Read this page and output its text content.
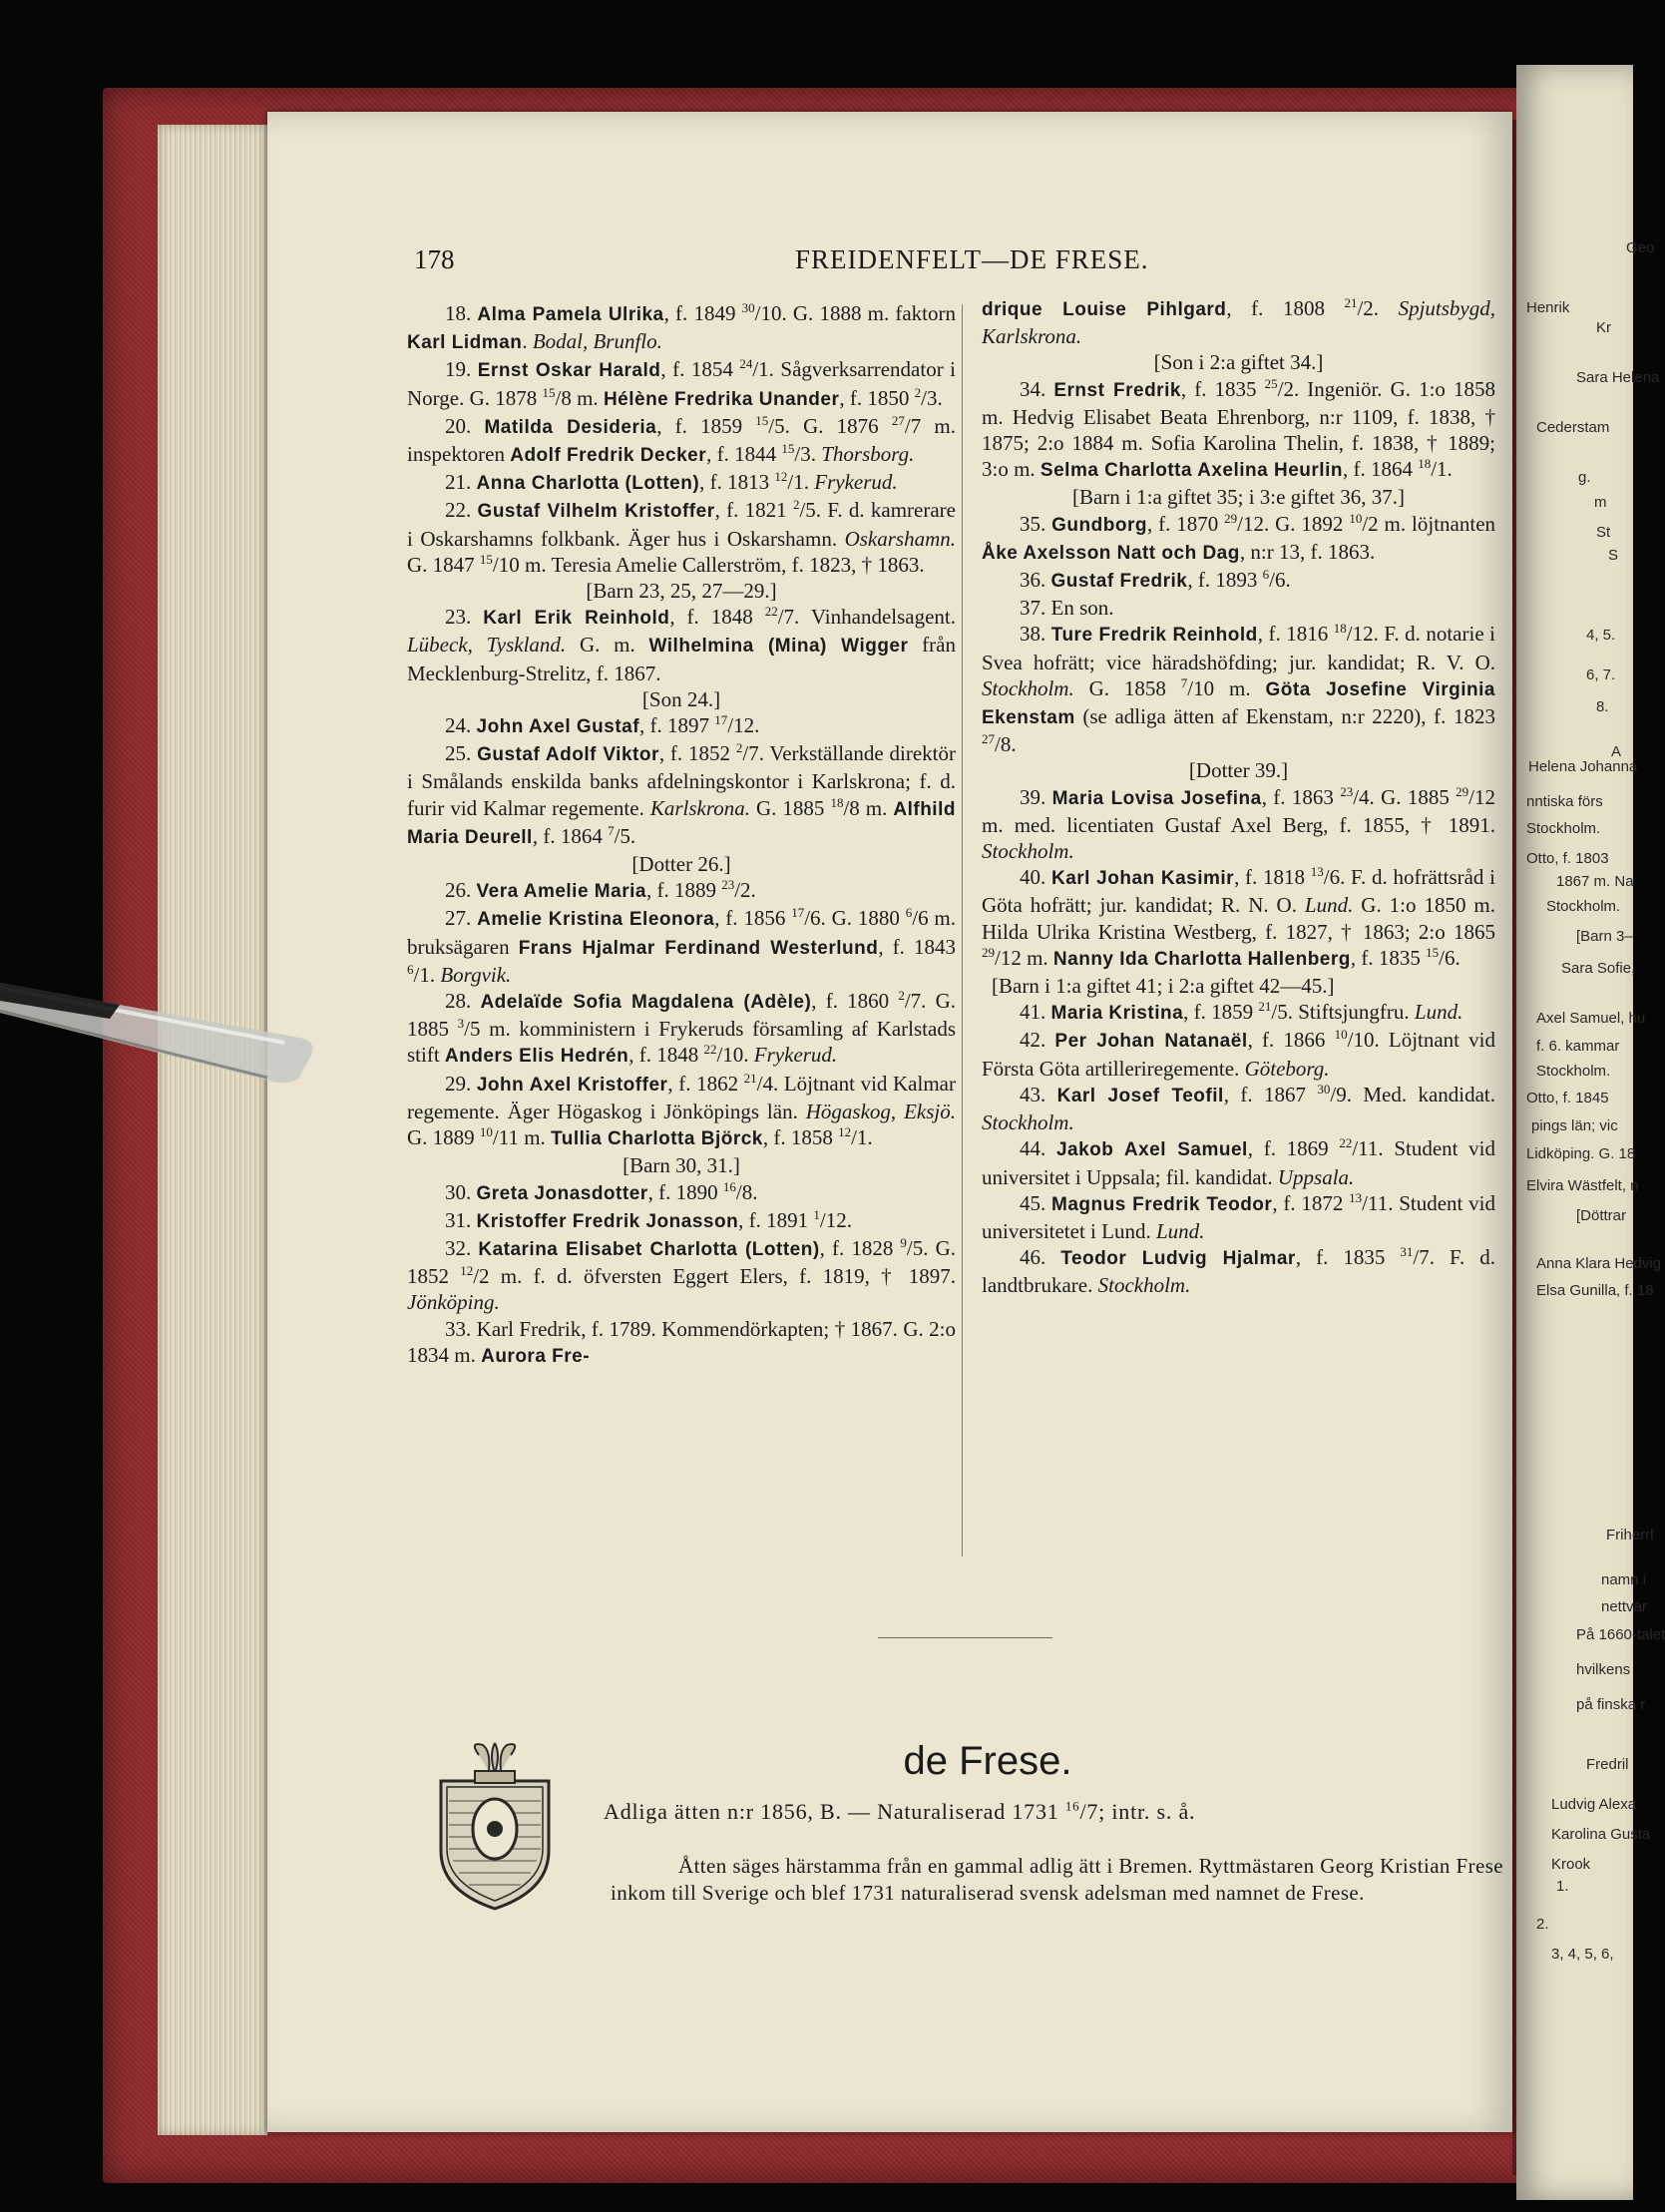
Geo
Henrik
Kr
Sara Helena
Cederstam
g.
m
St
S
4, 5.
6, 7.
8.
Helena Johanna
A
nntiska förs
Stockholm.
Otto, f. 1803
1867 m. Na
Stockholm.
[Barn 3–
Sara Sofie,
Axel Samuel, hu
f. 6. kammar
Stockholm.
Otto, f. 1845
pings län; vic
Lidköping. G. 18
Elvira Wästfelt, n
[Döttrar
Anna Klara Hedvig
Elsa Gunilla, f. 18
Friherrl
namn i
nettvär
På 1660-talet
hvilkens
på finska r
Fredril
Ludvig Alexa
Karolina Gusta
Krook
1.
2.
3, 4, 5, 6,
178	FREIDENFELT—DE FRESE.

18. Alma Pamela Ulrika, f. 1849 $^{30}$/10. G. 1888 m. faktorn Karl Lidman. Bodal, Brunflo.

19. Ernst Oskar Harald, f. 1854 $^{24}$/1. Sågverksarrendator i Norge. G. 1878 $^{15}$/8 m. Hélène Fredrika Unander, f. 1850 $^2$/3.

20. Matilda Desideria, f. 1859 $^{15}$/5. G. 1876 $^{27}$/7 m. inspektoren Adolf Fredrik Decker, f. 1844 $^{15}$/3. Thorsborg.

21. Anna Charlotta (Lotten), f. 1813 $^{12}$/1. Frykerud.

22. Gustaf Vilhelm Kristoffer, f. 1821 $^2$/5. F. d. kamrerare i Oskarshamns folkbank. Äger hus i Oskarshamn. Oskarshamn. G. 1847 $^{15}$/10 m. Teresia Amelie Callerström, f. 1823, † 1863.

[Barn 23, 25, 27—29.]

23. Karl Erik Reinhold, f. 1848 $^{22}$/7. Vinhandelsagent. Lübeck, Tyskland. G. m. Wilhelmina (Mina) Wigger från Mecklenburg-Strelitz, f. 1867.

[Son 24.]

24. John Axel Gustaf, f. 1897 $^{17}$/12.

25. Gustaf Adolf Viktor, f. 1852 $^2$/7. Verkställande direktör i Smålands enskilda banks afdelningskontor i Karlskrona; f. d. furir vid Kalmar regemente. Karlskrona. G. 1885 $^{18}$/8 m. Alfhild Maria Deurell, f. 1864 $^7$/5.

[Dotter 26.]

26. Vera Amelie Maria, f. 1889 $^{23}$/2.

27. Amelie Kristina Eleonora, f. 1856 $^{17}$/6. G. 1880 $^6$/6 m. bruksägaren Frans Hjalmar Ferdinand Westerlund, f. 1843 $^6$/1. Borgvik.

28. Adelaïde Sofia Magdalena (Adèle), f. 1860 $^2$/7. G. 1885 $^3$/5 m. komministern i Frykeruds församling af Karlstads stift Anders Elis Hedrén, f. 1848 $^{22}$/10. Frykerud.

29. John Axel Kristoffer, f. 1862 $^{21}$/4. Löjtnant vid Kalmar regemente. Äger Högaskog i Jönköpings län. Högaskog, Eksjö. G. 1889 $^{10}$/11 m. Tullia Charlotta Björck, f. 1858 $^{12}$/1.

[Barn 30, 31.]

30. Greta Jonasdotter, f. 1890 $^{16}$/8.

31. Kristoffer Fredrik Jonasson, f. 1891 $^1$/12.

32. Katarina Elisabet Charlotta (Lotten), f. 1828 $^9$/5. G. 1852 $^{12}$/2 m. f. d. öfversten Eggert Elers, f. 1819, † 1897. Jönköping.

33. Karl Fredrik, f. 1789. Kommendörkapten; † 1867. G. 2:o 1834 m. Aurora Fre-

drique Louise Pihlgard, f. 1808 $^{21}$/2. Spjutsbygd, Karlskrona.

[Son i 2:a giftet 34.]

34. Ernst Fredrik, f. 1835 $^{25}$/2. Ingeniör. G. 1:o 1858 m. Hedvig Elisabet Beata Ehrenborg, n:r 1109, f. 1838, † 1875; 2:o 1884 m. Sofia Karolina Thelin, f. 1838, † 1889; 3:o m. Selma Charlotta Axelina Heurlin, f. 1864 $^{18}$/1.

[Barn i 1:a giftet 35; i 3:e giftet 36, 37.]

35. Gundborg, f. 1870 $^{29}$/12. G. 1892 $^{10}$/2 m. löjtnanten Åke Axelsson Natt och Dag, n:r 13, f. 1863.

36. Gustaf Fredrik, f. 1893 $^6$/6.

37. En son.

38. Ture Fredrik Reinhold, f. 1816 $^{18}$/12. F. d. notarie i Svea hofrätt; vice häradshöfding; jur. kandidat; R. V. O. Stockholm. G. 1858 $^7$/10 m. Göta Josefine Virginia Ekenstam (se adliga ätten af Ekenstam, n:r 2220), f. 1823 $^{27}$/8.

[Dotter 39.]

39. Maria Lovisa Josefina, f. 1863 $^{23}$/4. G. 1885 $^{29}$/12 m. med. licentiaten Gustaf Axel Berg, f. 1855, † 1891. Stockholm.

40. Karl Johan Kasimir, f. 1818 $^{13}$/6. F. d. hofrättsråd i Göta hofrätt; jur. kandidat; R. N. O. Lund. G. 1:o 1850 m. Hilda Ulrika Kristina Westberg, f. 1827, † 1863; 2:o 1865 $^{29}$/12 m. Nanny Ida Charlotta Hallenberg, f. 1835 $^{15}$/6.

[Barn i 1:a giftet 41; i 2:a giftet 42—45.]

41. Maria Kristina, f. 1859 $^{21}$/5. Stiftsjungfru. Lund.

42. Per Johan Natanaël, f. 1866 $^{10}$/10. Löjtnant vid Första Göta artilleriregemente. Göteborg.

43. Karl Josef Teofil, f. 1867 $^{30}$/9. Med. kandidat. Stockholm.

44. Jakob Axel Samuel, f. 1869 $^{22}$/11. Student vid universitet i Uppsala; fil. kandidat. Uppsala.

45. Magnus Fredrik Teodor, f. 1872 $^{13}$/11. Student vid universitetet i Lund. Lund.

46. Teodor Ludvig Hjalmar, f. 1835 $^{31}$/7. F. d. landtbrukare. Stockholm.

de Frese.
Adliga ätten n:r 1856, B. — Naturaliserad 1731 $^{16}$/7; intr. s. å.

Åtten säges härstamma från en gammal adlig ätt i Bremen. Ryttmästaren Georg Kristian Frese inkom till Sverige och blef 1731 naturaliserad svensk adelsman med namnet de Frese.
